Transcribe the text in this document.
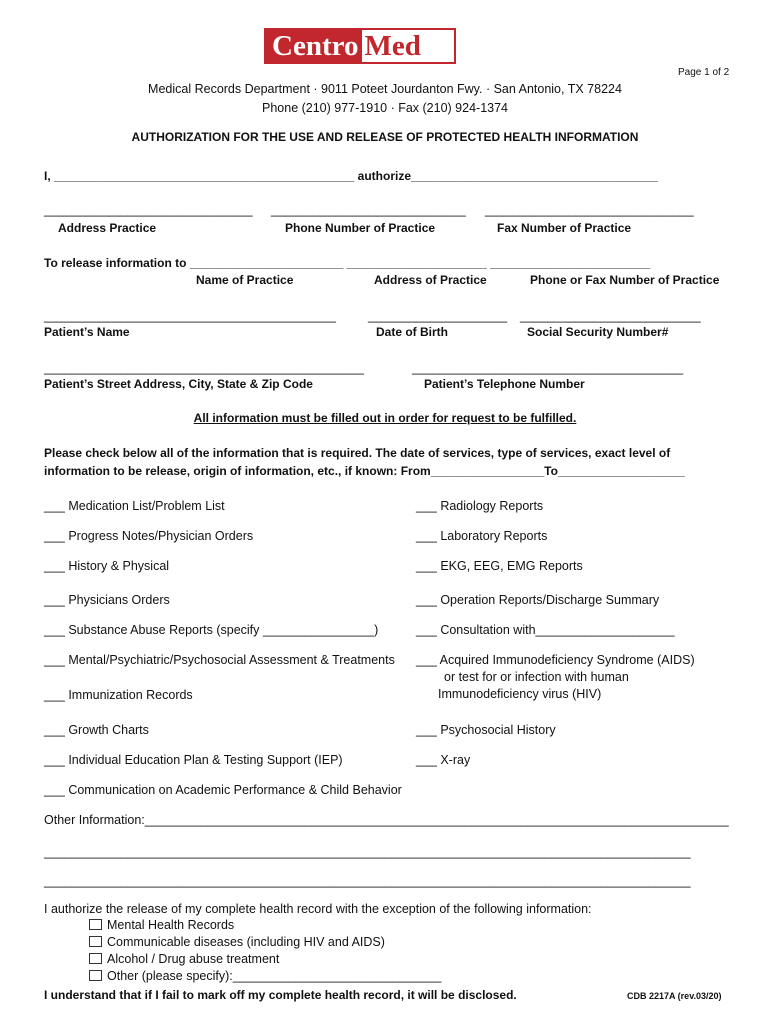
Centro Med
Page 1 of 2
Medical Records Department · 9011 Poteet Jourdanton Fwy. · San Antonio, TX 78224
Phone (210) 977-1910 · Fax (210) 924-1374
AUTHORIZATION FOR THE USE AND RELEASE OF PROTECTED HEALTH INFORMATION
I, _____________________________________________ authorize_____________________________________
______________________________ ____________________________ ______________________________
Address Practice	Phone Number of Practice	Fax Number of Practice
To release information to _______________________ _____________________ ________________________
Name of Practice	Address of Practice	Phone or Fax Number of Practice
__________________________________________	____________________ __________________________
Patient’s Name	Date of Birth	Social Security Number#
______________________________________________	_______________________________________
Patient’s Street Address, City, State & Zip Code	Patient’s Telephone Number
All information must be filled out in order for request to be fulfilled.
Please check below all of the information that is required. The date of services, type of services, exact level of
information to be release, origin of information, etc., if known: From_________________To___________________
___ Medication List/Problem List
___ Progress Notes/Physician Orders
___ History & Physical
___ Physicians Orders
___ Substance Abuse Reports (specify ________________)
___ Mental/Psychiatric/Psychosocial Assessment & Treatments
___ Immunization Records
___ Growth Charts
___ Individual Education Plan & Testing Support (IEP)
___ Communication on Academic Performance & Child Behavior
___ Radiology Reports
___ Laboratory Reports
___ EKG, EEG, EMG Reports
___ Operation Reports/Discharge Summary
___ Consultation with____________________
___ Acquired Immunodeficiency Syndrome (AIDS)
or test for or infection with human
Immunodeficiency virus (HIV)
___ Psychosocial History
___ X-ray
Other Information:____________________________________________________________________________________
_____________________________________________________________________________________________
_____________________________________________________________________________________________
I authorize the release of my complete health record with the exception of the following information:
Mental Health Records
Communicable diseases (including HIV and AIDS)
Alcohol / Drug abuse treatment
Other (please specify):______________________________
I understand that if I fail to mark off my complete health record, it will be disclosed.	CDB 2217A (rev.03/20)
